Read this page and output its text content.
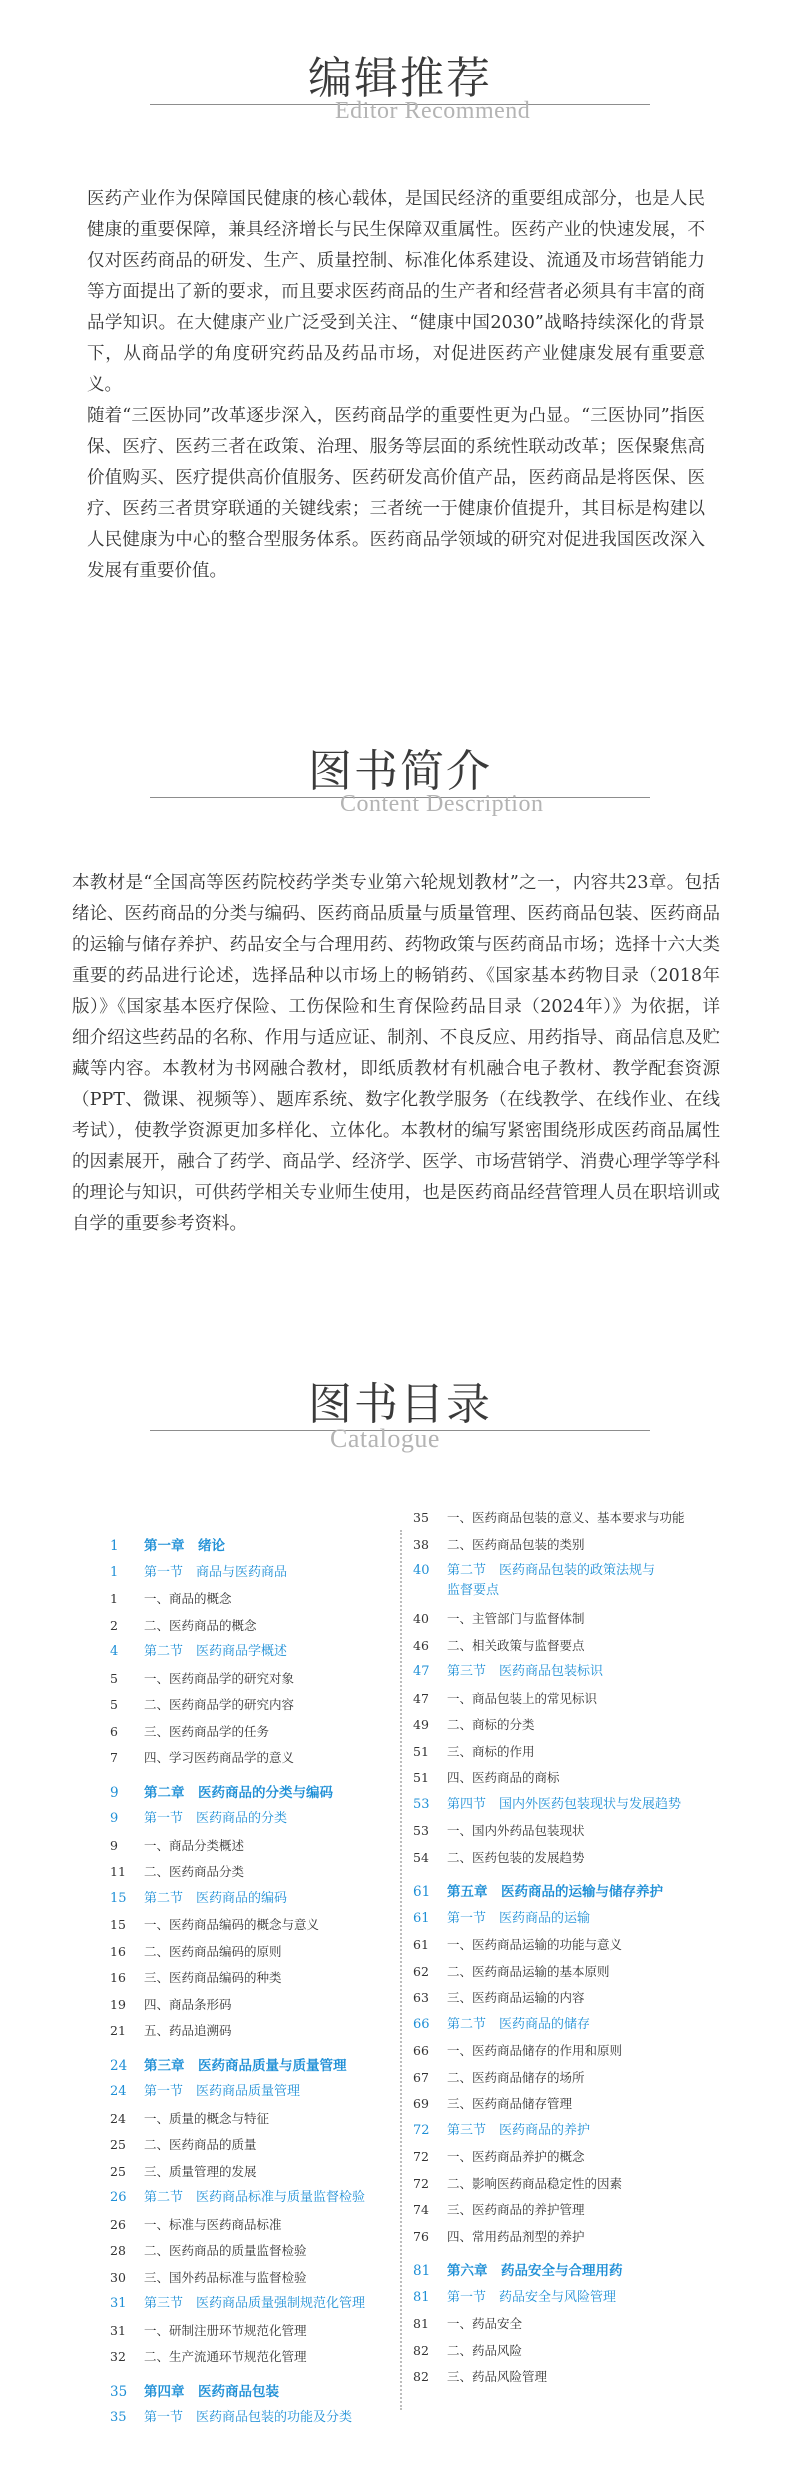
编辑推荐
Editor Recommend

医药产业作为保障国民健康的核心载体，是国民经济的重要组成部分，也是人民健康的重要保障，兼具经济增长与民生保障双重属性。医药产业的快速发展，不仅对医药商品的研发、生产、质量控制、标准化体系建设、流通及市场营销能力等方面提出了新的要求，而且要求医药商品的生产者和经营者必须具有丰富的商品学知识。在大健康产业广泛受到关注、“健康中国2030”战略持续深化的背景下，从商品学的角度研究药品及药品市场，对促进医药产业健康发展有重要意义。

随着“三医协同”改革逐步深入，医药商品学的重要性更为凸显。“三医协同”指医保、医疗、医药三者在政策、治理、服务等层面的系统性联动改革；医保聚焦高价值购买、医疗提供高价值服务、医药研发高价值产品，医药商品是将医保、医疗、医药三者贯穿联通的关键线索；三者统一于健康价值提升，其目标是构建以人民健康为中心的整合型服务体系。医药商品学领域的研究对促进我国医改深入发展有重要价值。

图书简介
Content Description

本教材是“全国高等医药院校药学类专业第六轮规划教材”之一，内容共23章。包括绪论、医药商品的分类与编码、医药商品质量与质量管理、医药商品包装、医药商品的运输与储存养护、药品安全与合理用药、药物政策与医药商品市场；选择十六大类重要的药品进行论述，选择品种以市场上的畅销药、《国家基本药物目录（2018年版）》《国家基本医疗保险、工伤保险和生育保险药品目录（2024年）》为依据，详细介绍这些药品的名称、作用与适应证、制剂、不良反应、用药指导、商品信息及贮藏等内容。本教材为书网融合教材，即纸质教材有机融合电子教材、教学配套资源（PPT、微课、视频等）、题库系统、数字化教学服务（在线教学、在线作业、在线考试），使教学资源更加多样化、立体化。本教材的编写紧密围绕形成医药商品属性的因素展开，融合了药学、商品学、经济学、医学、市场营销学、消费心理学等学科的理论与知识，可供药学相关专业师生使用，也是医药商品经营管理人员在职培训或自学的重要参考资料。

图书目录
Catalogue
1	第一章　绪论
1	第一节　商品与医药商品
1	一、商品的概念
2	二、医药商品的概念
4	第二节　医药商品学概述
5	一、医药商品学的研究对象
5	二、医药商品学的研究内容
6	三、医药商品学的任务
7	四、学习医药商品学的意义
9	第二章　医药商品的分类与编码
9	第一节　医药商品的分类
9	一、商品分类概述
11	二、医药商品分类
15	第二节　医药商品的编码
15	一、医药商品编码的概念与意义
16	二、医药商品编码的原则
16	三、医药商品编码的种类
19	四、商品条形码
21	五、药品追溯码
24	第三章　医药商品质量与质量管理
24	第一节　医药商品质量管理
24	一、质量的概念与特征
25	二、医药商品的质量
25	三、质量管理的发展
26	第二节　医药商品标准与质量监督检验
26	一、标准与医药商品标准
28	二、医药商品的质量监督检验
30	三、国外药品标准与监督检验
31	第三节　医药商品质量强制规范化管理
31	一、研制注册环节规范化管理
32	二、生产流通环节规范化管理
35	第四章　医药商品包装
35	第一节　医药商品包装的功能及分类
35	一、医药商品包装的意义、基本要求与功能
38	二、医药商品包装的类别
40	第二节　医药商品包装的政策法规与监督要点
40	一、主管部门与监督体制
46	二、相关政策与监督要点
47	第三节　医药商品包装标识
47	一、商品包装上的常见标识
49	二、商标的分类
51	三、商标的作用
51	四、医药商品的商标
53	第四节　国内外医药包装现状与发展趋势
53	一、国内外药品包装现状
54	二、医药包装的发展趋势
61	第五章　医药商品的运输与储存养护
61	第一节　医药商品的运输
61	一、医药商品运输的功能与意义
62	二、医药商品运输的基本原则
63	三、医药商品运输的内容
66	第二节　医药商品的储存
66	一、医药商品储存的作用和原则
67	二、医药商品储存的场所
69	三、医药商品储存管理
72	第三节　医药商品的养护
72	一、医药商品养护的概念
72	二、影响医药商品稳定性的因素
74	三、医药商品的养护管理
76	四、常用药品剂型的养护
81	第六章　药品安全与合理用药
81	第一节　药品安全与风险管理
81	一、药品安全
82	二、药品风险
82	三、药品风险管理
